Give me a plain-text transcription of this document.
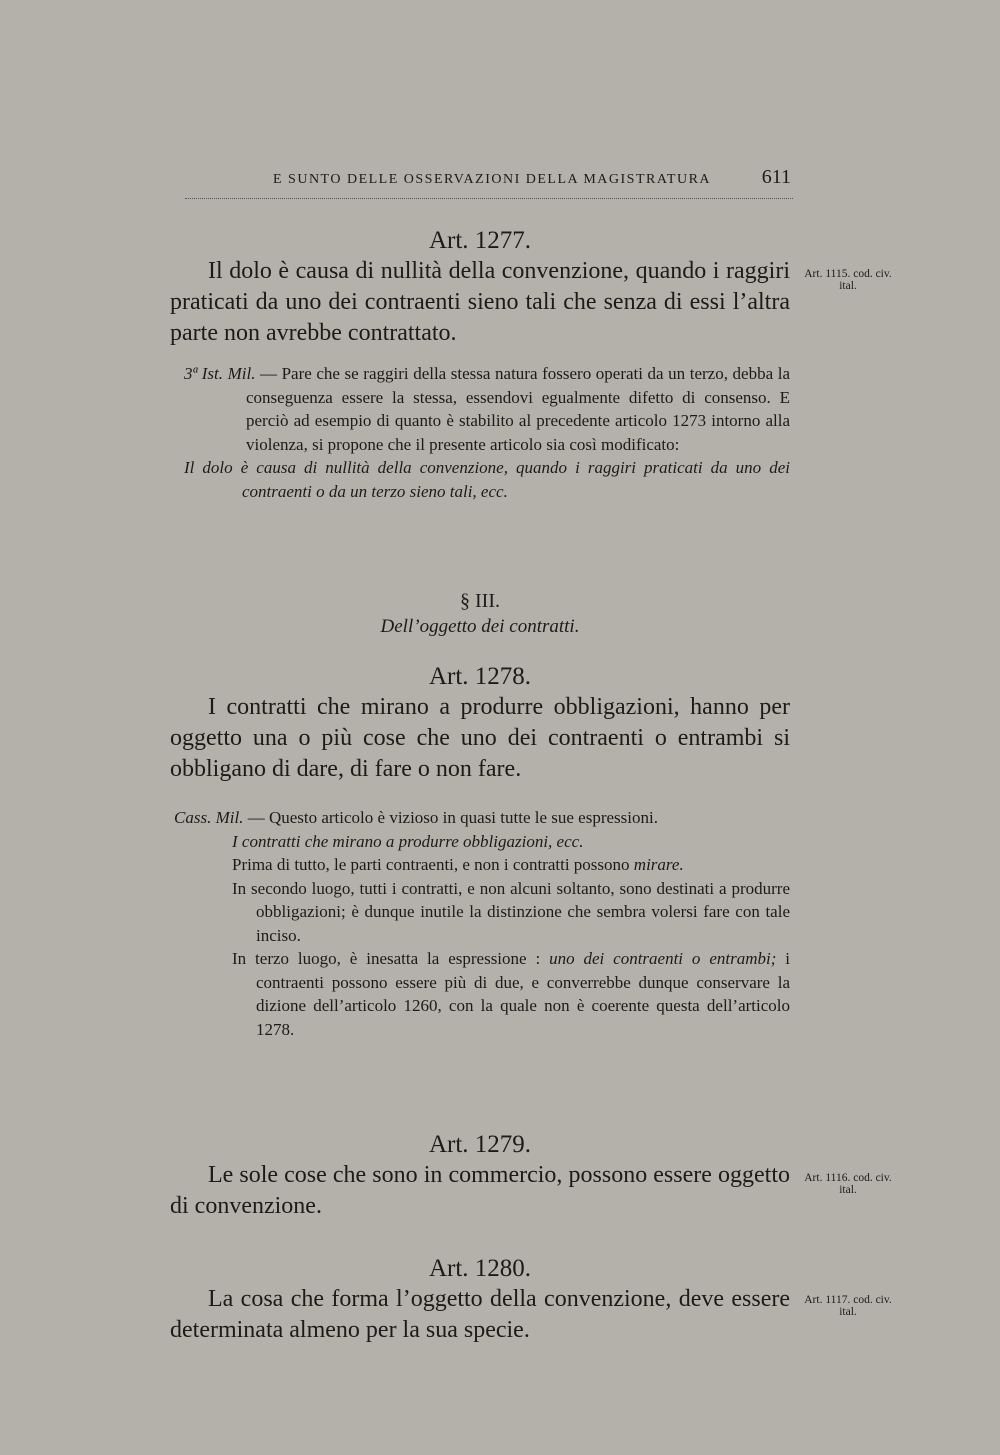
E SUNTO DELLE OSSERVAZIONI DELLA MAGISTRATURA	611
Art. 1277.
Il dolo è causa di nullità della convenzione, quando i raggiri praticati da uno dei contraenti sieno tali che senza di essi l’altra parte non avrebbe contrattato.
Art. 1115. cod. civ. ital.
3ª Ist. Mil. — Pare che se raggiri della stessa natura fossero operati da un terzo, debba la conseguenza essere la stessa, essendovi egualmente difetto di consenso. E perciò ad esempio di quanto è stabilito al precedente articolo 1273 intorno alla violenza, si propone che il presente articolo sia così modificato:
Il dolo è causa di nullità della convenzione, quando i raggiri praticati da uno dei contraenti o da un terzo sieno tali, ecc.
§ III.
Dell’oggetto dei contratti.
Art. 1278.
I contratti che mirano a produrre obbligazioni, hanno per oggetto una o più cose che uno dei contraenti o entrambi si obbligano di dare, di fare o non fare.
Cass. Mil. — Questo articolo è vizioso in quasi tutte le sue espressioni.
I contratti che mirano a produrre obbligazioni, ecc.
Prima di tutto, le parti contraenti, e non i contratti possono mirare.
In secondo luogo, tutti i contratti, e non alcuni soltanto, sono destinati a produrre obbligazioni; è dunque inutile la distinzione che sembra volersi fare con tale inciso.
In terzo luogo, è inesatta la espressione : uno dei contraenti o entrambi; i contraenti possono essere più di due, e converrebbe dunque conservare la dizione dell’articolo 1260, con la quale non è coerente questa dell’articolo 1278.
Art. 1279.
Le sole cose che sono in commercio, possono essere oggetto di convenzione.
Art. 1116. cod. civ. ital.
Art. 1280.
La cosa che forma l’oggetto della convenzione, deve essere determinata almeno per la sua specie.
Art. 1117. cod. civ. ital.
